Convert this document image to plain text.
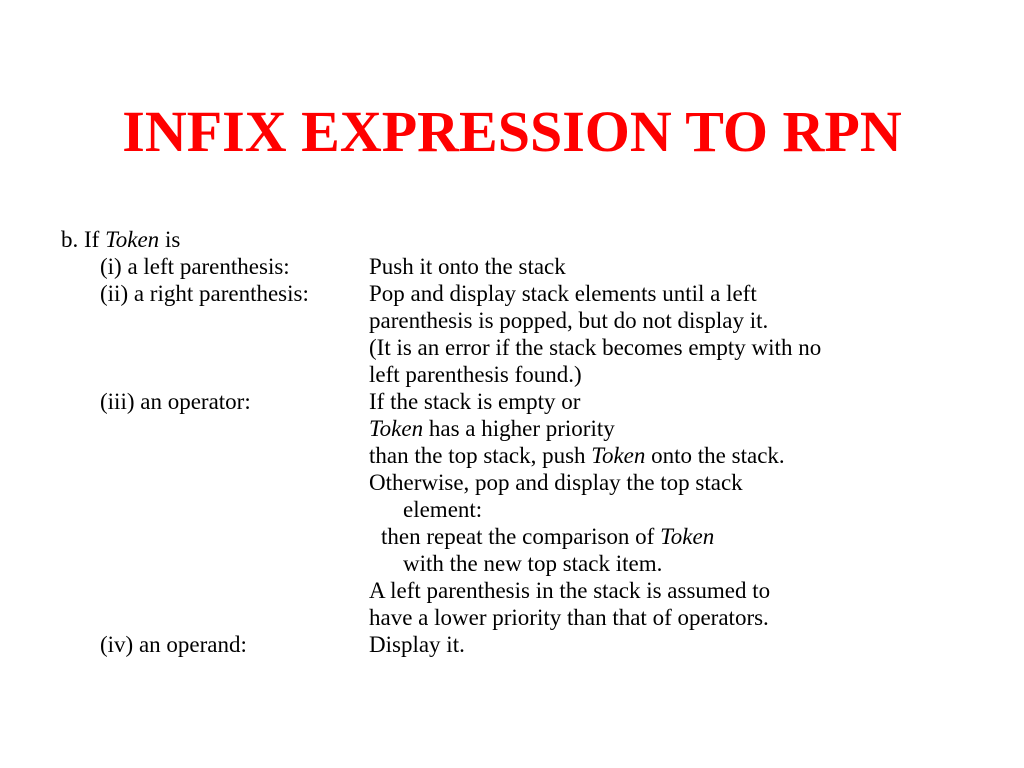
INFIX EXPRESSION TO RPN
b. If Token is
(i) a left parenthesis:	Push it onto the stack
(ii) a right parenthesis:	Pop and display stack elements until a left
parenthesis is popped, but do not display it.
(It is an error if the stack becomes empty with no
left parenthesis found.)
(iii) an operator:	If the stack is empty or
Token has a higher priority
than the top stack, push Token onto the stack.
Otherwise, pop and display the top stack
element:
then repeat the comparison of Token
with the new top stack item.
A left parenthesis in the stack is assumed to
have a lower priority than that of operators.
(iv) an operand:	Display it.
